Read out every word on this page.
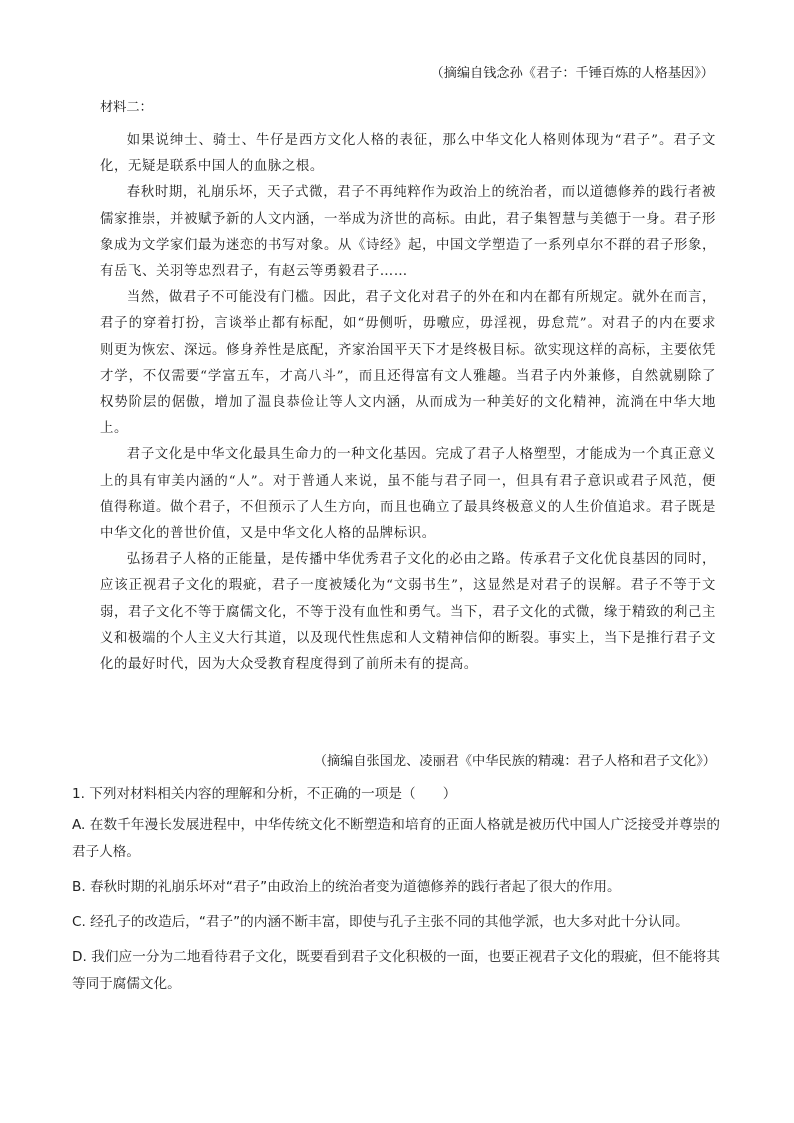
（摘编自钱念孙《君子：千锤百炼的人格基因》）
材料二：

如果说绅士、骑士、牛仔是西方文化人格的表征，那么中华文化人格则体现为“君子”。君子文化，无疑是联系中国人的血脉之根。

春秋时期，礼崩乐坏，天子式微，君子不再纯粹作为政治上的统治者，而以道德修养的践行者被儒家推崇，并被赋予新的人文内涵，一举成为济世的高标。由此，君子集智慧与美德于一身。君子形象成为文学家们最为迷恋的书写对象。从《诗经》起，中国文学塑造了一系列卓尔不群的君子形象，有岳飞、关羽等忠烈君子，有赵云等勇毅君子……

当然，做君子不可能没有门槛。因此，君子文化对君子的外在和内在都有所规定。就外在而言，君子的穿着打扮，言谈举止都有标配，如“毋侧听，毋噭应，毋淫视，毋怠荒”。对君子的内在要求则更为恢宏、深远。修身养性是底配，齐家治国平天下才是终极目标。欲实现这样的高标，主要依凭才学，不仅需要“学富五车，才高八斗”，而且还得富有文人雅趣。当君子内外兼修，自然就剔除了权势阶层的倨傲，增加了温良恭俭让等人文内涵，从而成为一种美好的文化精神，流淌在中华大地上。

君子文化是中华文化最具生命力的一种文化基因。完成了君子人格塑型，才能成为一个真正意义上的具有审美内涵的“人”。对于普通人来说，虽不能与君子同一，但具有君子意识或君子风范，便值得称道。做个君子，不但预示了人生方向，而且也确立了最具终极意义的人生价值追求。君子既是中华文化的普世价值，又是中华文化人格的品牌标识。

弘扬君子人格的正能量，是传播中华优秀君子文化的必由之路。传承君子文化优良基因的同时，应该正视君子文化的瑕疵，君子一度被矮化为“文弱书生”，这显然是对君子的误解。君子不等于文弱，君子文化不等于腐儒文化，不等于没有血性和勇气。当下，君子文化的式微，缘于精致的利己主义和极端的个人主义大行其道，以及现代性焦虑和人文精神信仰的断裂。事实上，当下是推行君子文化的最好时代，因为大众受教育程度得到了前所未有的提高。

（摘编自张国龙、凌丽君《中华民族的精魂：君子人格和君子文化》）

1. 下列对材料相关内容的理解和分析，不正确的一项是（　　）

A. 在数千年漫长发展进程中，中华传统文化不断塑造和培育的正面人格就是被历代中国人广泛接受并尊崇的君子人格。

B. 春秋时期的礼崩乐坏对“君子”由政治上的统治者变为道德修养的践行者起了很大的作用。

C. 经孔子的改造后，“君子”的内涵不断丰富，即使与孔子主张不同的其他学派，也大多对此十分认同。

D. 我们应一分为二地看待君子文化，既要看到君子文化积极的一面，也要正视君子文化的瑕疵，但不能将其等同于腐儒文化。
